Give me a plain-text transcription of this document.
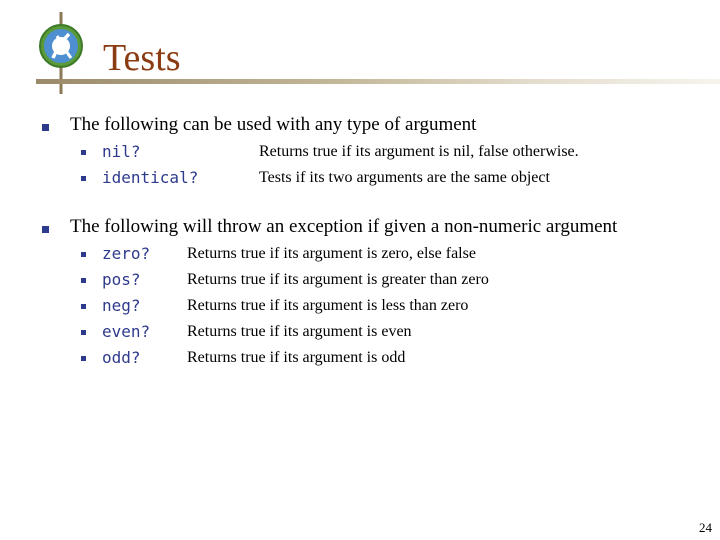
Tests
The following can be used with any type of argument
nil?	Returns true if its argument is nil, false otherwise.
identical?	Tests if its two arguments are the same object
The following will throw an exception if given a non-numeric argument
zero? Returns true if its argument is zero, else false
pos?	Returns true if its argument is greater than zero
neg?	Returns true if its argument is less than zero
even? Returns true if its argument is even
odd?	Returns true if its argument is odd
24
